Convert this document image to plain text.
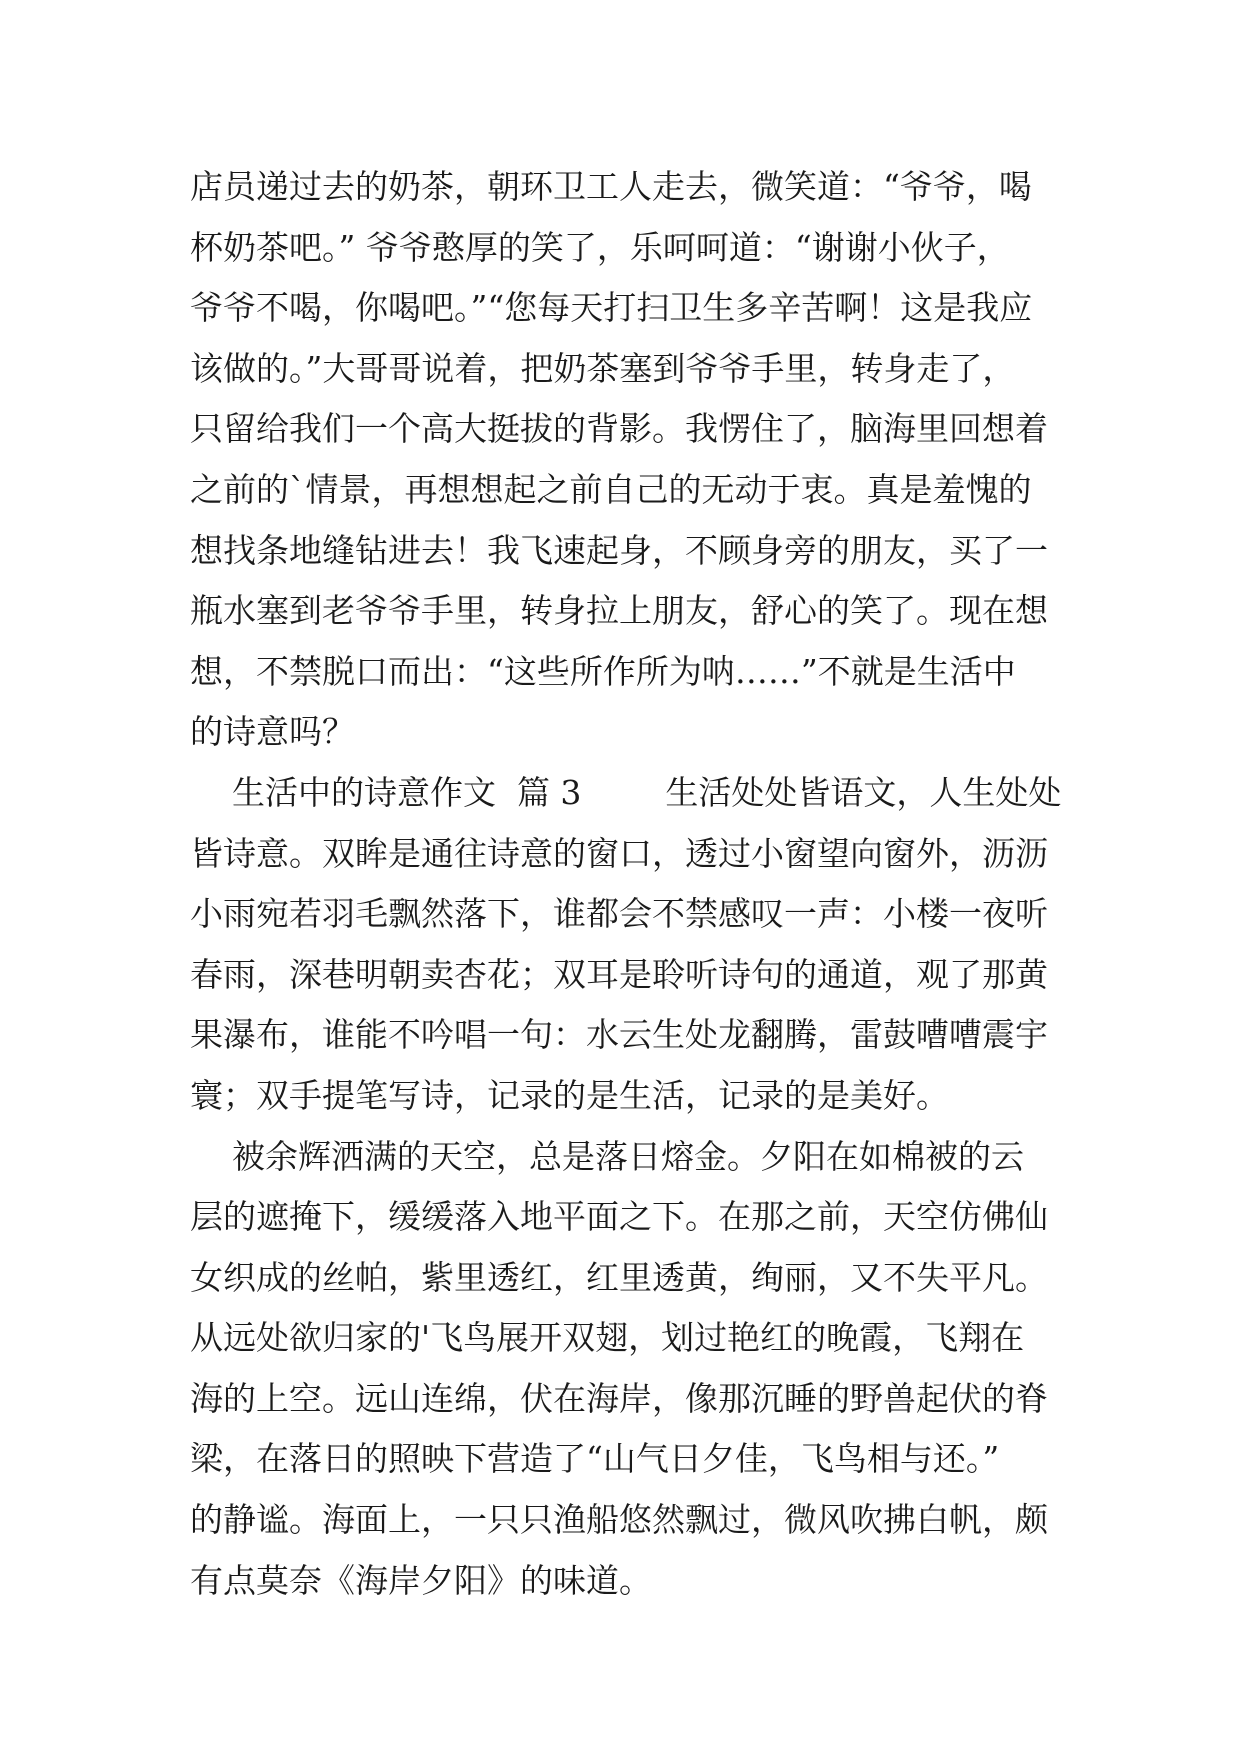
店员递过去的奶茶，朝环卫工人走去，微笑道：“爷爷，喝
杯奶茶吧。” 爷爷憨厚的笑了，乐呵呵道：“谢谢小伙子，
爷爷不喝，你喝吧。”“您每天打扫卫生多辛苦啊！这是我应
该做的。”大哥哥说着，把奶茶塞到爷爷手里，转身走了，
只留给我们一个高大挺拔的背影。我愣住了，脑海里回想着
之前的`情景，再想想起之前自己的无动于衷。真是羞愧的
想找条地缝钻进去！我飞速起身，不顾身旁的朋友，买了一
瓶水塞到老爷爷手里，转身拉上朋友，舒心的笑了。现在想
想，不禁脱口而出：“这些所作所为呐……”不就是生活中
的诗意吗？
生活中的诗意作文  篇 3        生活处处皆语文，人生处处
皆诗意。双眸是通往诗意的窗口，透过小窗望向窗外，沥沥
小雨宛若羽毛飘然落下，谁都会不禁感叹一声：小楼一夜听
春雨，深巷明朝卖杏花；双耳是聆听诗句的通道，观了那黄
果瀑布，谁能不吟唱一句：水云生处龙翻腾，雷鼓嘈嘈震宇
寰；双手提笔写诗，记录的是生活，记录的是美好。
被余辉洒满的天空，总是落日熔金。夕阳在如棉被的云
层的遮掩下，缓缓落入地平面之下。在那之前，天空仿佛仙
女织成的丝帕，紫里透红，红里透黄，绚丽，又不失平凡。
从远处欲归家的'飞鸟展开双翅，划过艳红的晚霞，飞翔在
海的上空。远山连绵，伏在海岸，像那沉睡的野兽起伏的脊
梁，在落日的照映下营造了“山气日夕佳，飞鸟相与还。”
的静谧。海面上，一只只渔船悠然飘过，微风吹拂白帆，颇
有点莫奈《海岸夕阳》的味道。
